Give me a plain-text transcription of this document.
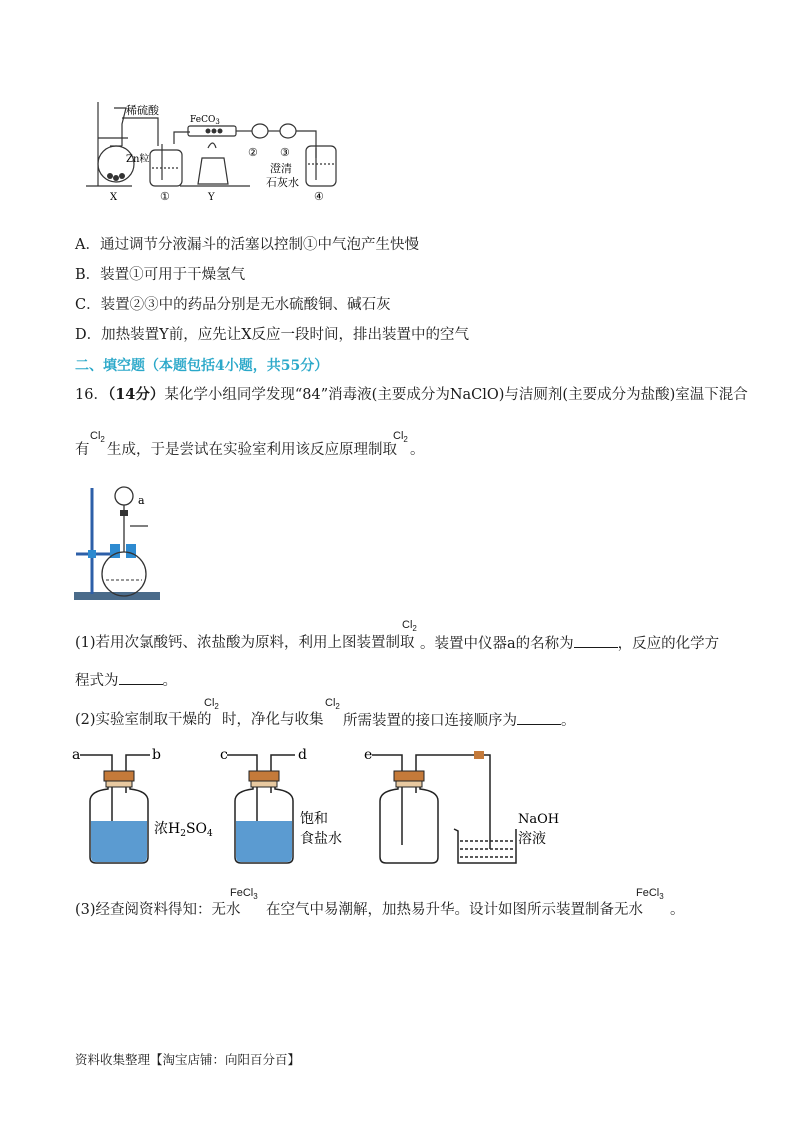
稀硫酸
FeCO$_3$
Zn粒
X	①	Y
② ③
澄清
石灰水
④
A．通过调节分液漏斗的活塞以控制①中气泡产生快慢
B．装置①可用于干燥氢气
C．装置②③中的药品分别是无水硫酸铜、碱石灰
D．加热装置Y前，应先让X反应一段时间，排出装置中的空气
二、填空题（本题包括4小题，共55分）
16．（14分）某化学小组同学发现“84”消毒液(主要成分为NaClO)与洁厕剂(主要成分为盐酸)室温下混合
有
$Cl_2$
生成，于是尝试在实验室利用该反应原理制取
$Cl_2$
。
a
(1)若用次氯酸钙、浓盐酸为原料，利用上图装置制取
$Cl_2$
。装置中仪器a的名称为	，反应的化学方
程式为	。
(2)实验室制取干燥的
$Cl_2$
时，净化与收集
$Cl_2$
所需装置的接口连接顺序为	。
a	b	c	d	e
浓$H_2SO_4$
饱和
食盐水
NaOH
溶液
(3)经查阅资料得知：无水
FeCl$_3$
在空气中易潮解，加热易升华。设计如图所示装置制备无水
FeCl$_3$
。
资料收集整理【淘宝店铺：向阳百分百】
